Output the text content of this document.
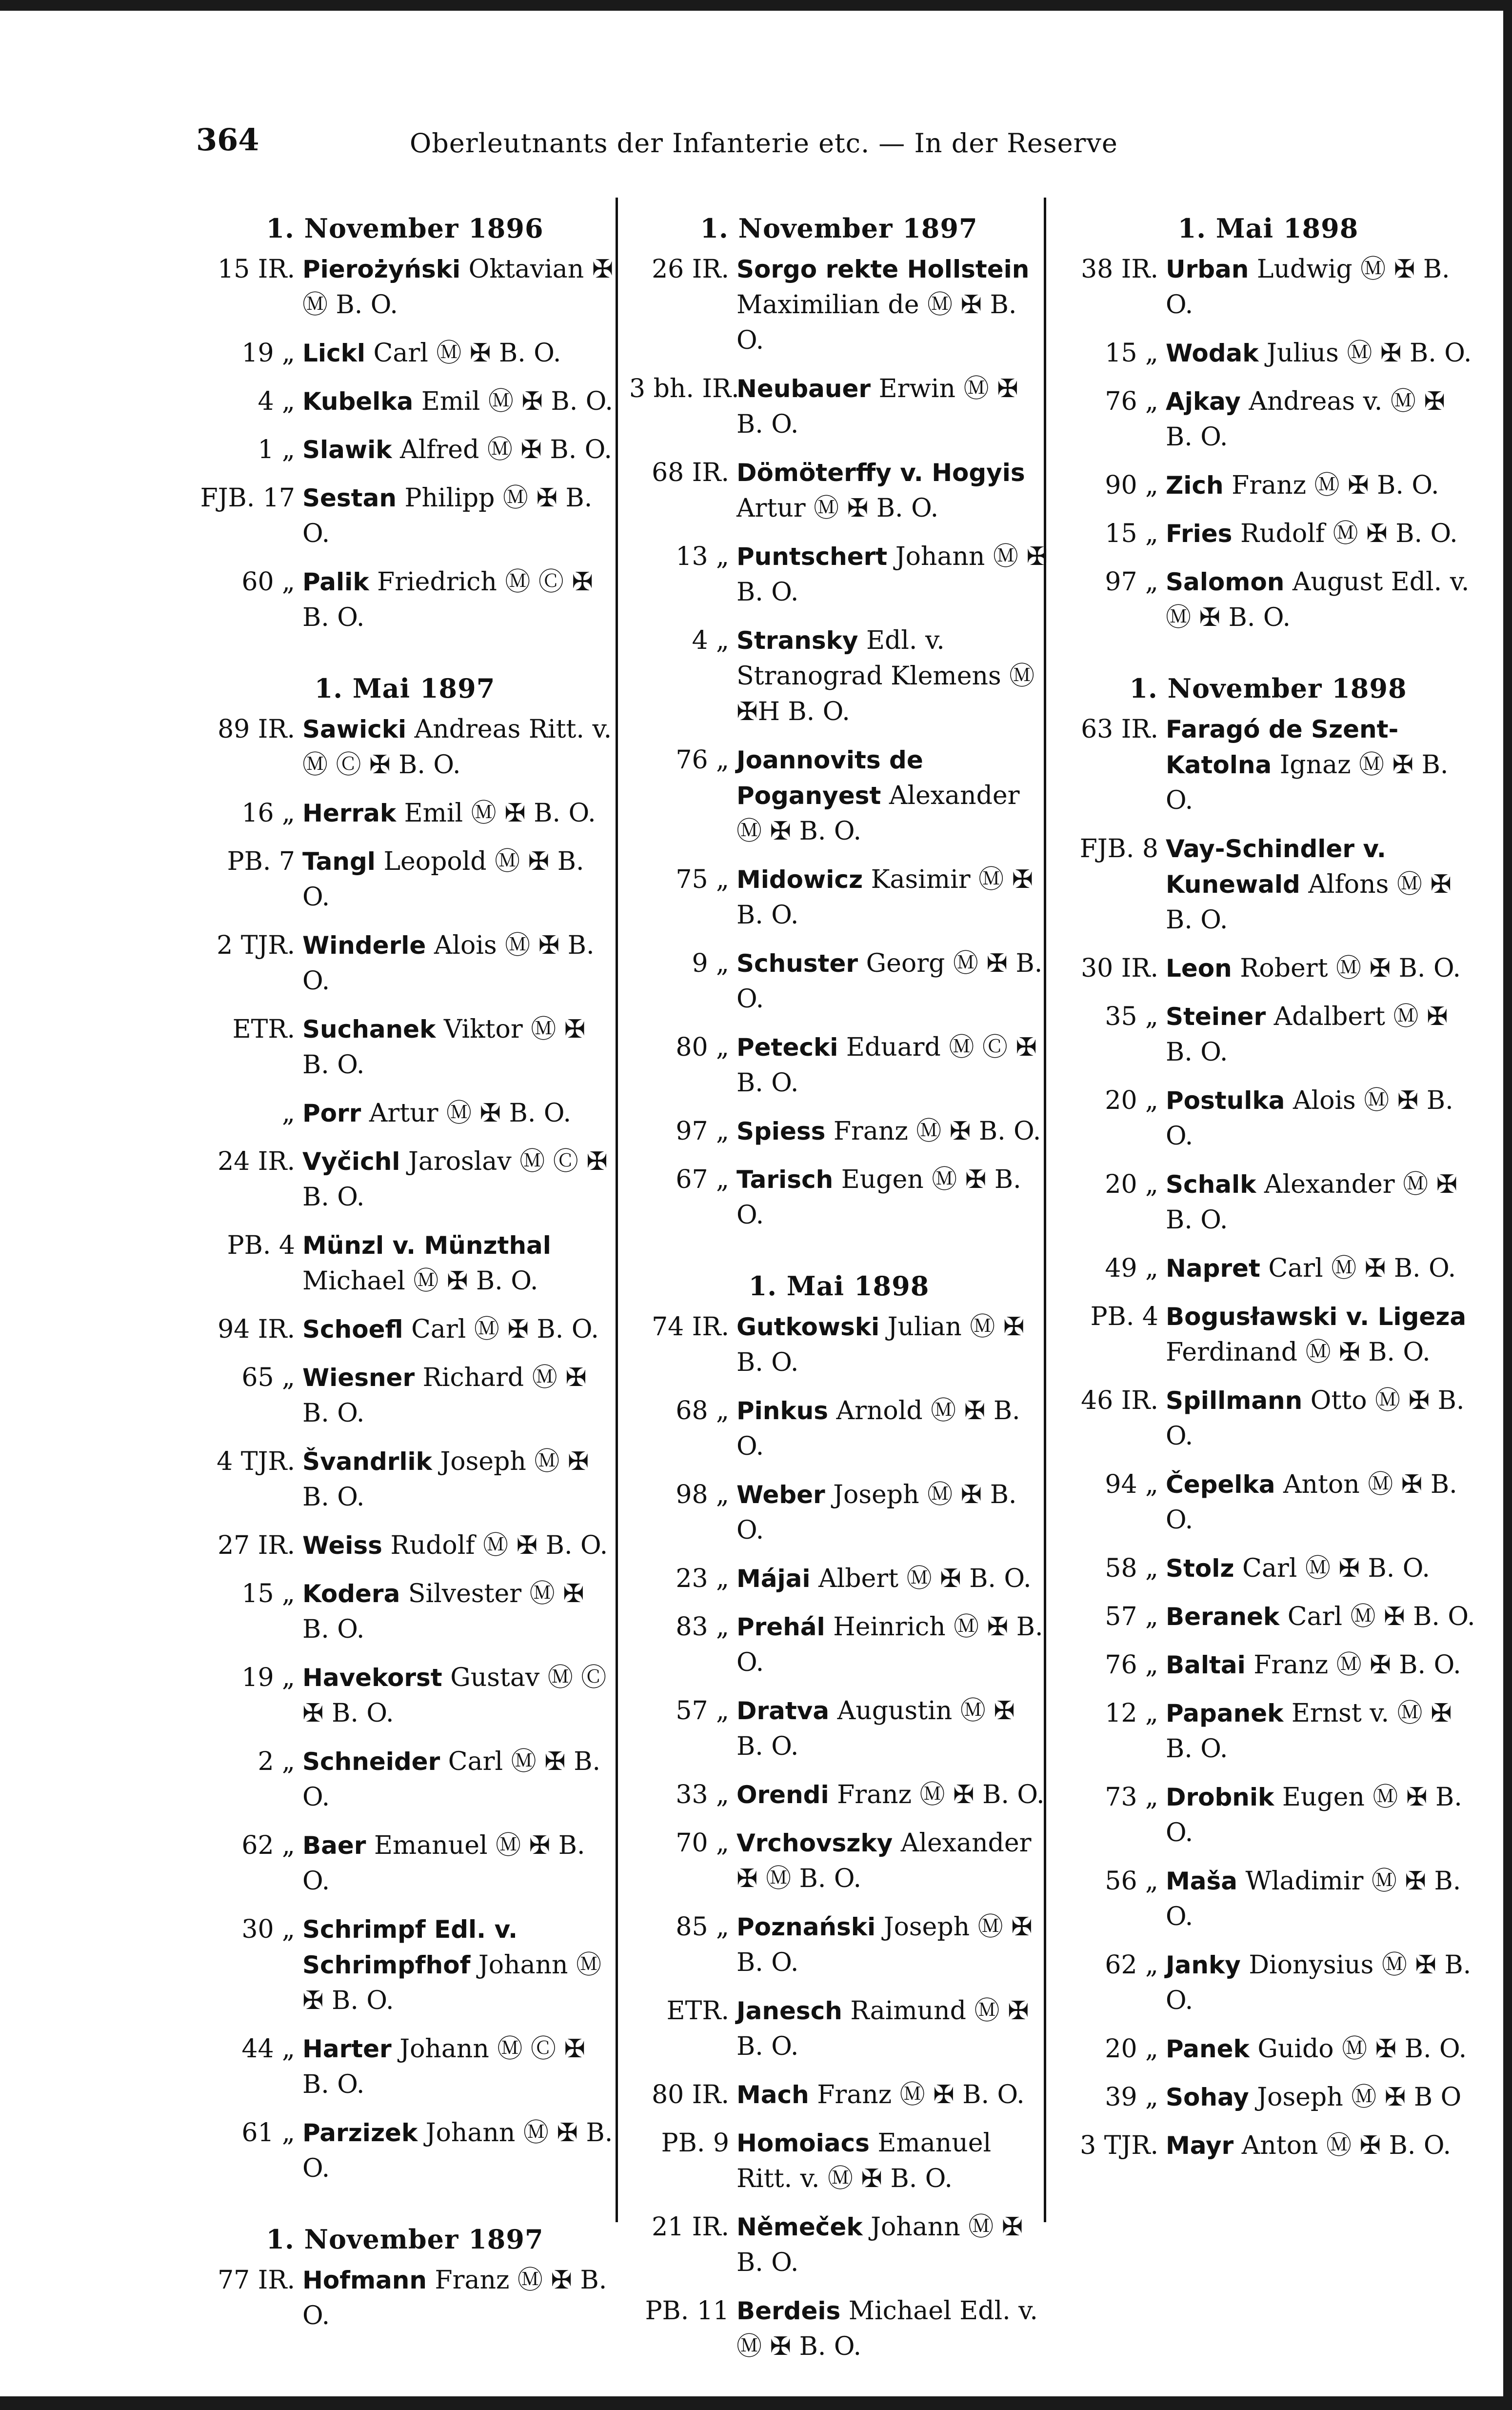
364	Oberleutnants der Infanterie etc. — In der Reserve
1. November 1896
15 IR. Pierożyński Oktavian ✠ Ⓜ B. O.
19 „ Lickl Carl Ⓜ ✠ B. O.
4 „ Kubelka Emil Ⓜ ✠ B. O.
1 „ Slawik Alfred Ⓜ ✠ B. O.
FJB. 17 Sestan Philipp Ⓜ ✠ B. O.
60 „ Palik Friedrich Ⓜ Ⓒ ✠ B. O.
1. Mai 1897
89 IR. Sawicki Andreas Ritt. v. Ⓜ Ⓒ ✠ B. O.
16 „ Herrak Emil Ⓜ ✠ B. O.
PB. 7 Tangl Leopold Ⓜ ✠ B. O.
2 TJR. Winderle Alois Ⓜ ✠ B. O.
ETR. Suchanek Viktor Ⓜ ✠ B. O.
„ Porr Artur Ⓜ ✠ B. O.
24 IR. Vyčichl Jaroslav Ⓜ Ⓒ ✠ B. O.
PB. 4 Münzl v. Münzthal Michael Ⓜ ✠ B. O.
94 IR. Schoefl Carl Ⓜ ✠ B. O.
65 „ Wiesner Richard Ⓜ ✠ B. O.
4 TJR. Švandrlik Joseph Ⓜ ✠ B. O.
27 IR. Weiss Rudolf Ⓜ ✠ B. O.
15 „ Kodera Silvester Ⓜ ✠ B. O.
19 „ Havekorst Gustav Ⓜ Ⓒ ✠ B. O.
2 „ Schneider Carl Ⓜ ✠ B. O.
62 „ Baer Emanuel Ⓜ ✠ B. O.
30 „ Schrimpf Edl. v. Schrimpfhof Johann Ⓜ ✠ B. O.
44 „ Harter Johann Ⓜ Ⓒ ✠ B. O.
61 „ Parzizek Johann Ⓜ ✠ B. O.
1. November 1897
77 IR. Hofmann Franz Ⓜ ✠ B. O.
1. November 1897
26 IR. Sorgo rekte Hollstein Maximilian de Ⓜ ✠ B. O.
3 bh. IR.
Neubauer Erwin Ⓜ ✠ B. O.
68 IR. Dömöterffy v. Hogyis Artur Ⓜ ✠ B. O.
13 „ Puntschert Johann Ⓜ ✠ B. O.
4 „ Stransky Edl. v. Stranograd Klemens Ⓜ ✠H B. O.
76 „ Joannovits de Poganyest Alexander Ⓜ ✠ B. O.
75 „ Midowicz Kasimir Ⓜ ✠ B. O.
9 „ Schuster Georg Ⓜ ✠ B. O.
80 „ Petecki Eduard Ⓜ Ⓒ ✠ B. O.
97 „ Spiess Franz Ⓜ ✠ B. O.
67 „ Tarisch Eugen Ⓜ ✠ B. O.
1. Mai 1898
74 IR. Gutkowski Julian Ⓜ ✠ B. O.
68 „ Pinkus Arnold Ⓜ ✠ B. O.
98 „ Weber Joseph Ⓜ ✠ B. O.
23 „ Májai Albert Ⓜ ✠ B. O.
83 „ Prehál Heinrich Ⓜ ✠ B. O.
57 „ Dratva Augustin Ⓜ ✠ B. O.
33 „ Orendi Franz Ⓜ ✠ B. O.
70 „ Vrchovszky Alexander ✠ Ⓜ B. O.
85 „ Poznański Joseph Ⓜ ✠ B. O.
ETR. Janesch Raimund Ⓜ ✠ B. O.
80 IR. Mach Franz Ⓜ ✠ B. O.
PB. 9 Homoiacs Emanuel Ritt. v. Ⓜ ✠ B. O.
21 IR. Němeček Johann Ⓜ ✠ B. O.
PB. 11 Berdeis Michael Edl. v. Ⓜ ✠ B. O.
1. Mai 1898
38 IR. Urban Ludwig Ⓜ ✠ B. O.
15 „ Wodak Julius Ⓜ ✠ B. O.
76 „ Ajkay Andreas v. Ⓜ ✠ B. O.
90 „ Zich Franz Ⓜ ✠ B. O.
15 „ Fries Rudolf Ⓜ ✠ B. O.
97 „ Salomon August Edl. v. Ⓜ ✠ B. O.
1. November 1898
63 IR. Faragó de Szent-Katolna Ignaz Ⓜ ✠ B. O.
FJB. 8 Vay-Schindler v. Kunewald Alfons Ⓜ ✠ B. O.
30 IR. Leon Robert Ⓜ ✠ B. O.
35 „ Steiner Adalbert Ⓜ ✠ B. O.
20 „ Postulka Alois Ⓜ ✠ B. O.
20 „ Schalk Alexander Ⓜ ✠ B. O.
49 „ Napret Carl Ⓜ ✠ B. O.
PB. 4 Bogusławski v. Ligeza Ferdinand Ⓜ ✠ B. O.
46 IR. Spillmann Otto Ⓜ ✠ B. O.
94 „ Čepelka Anton Ⓜ ✠ B. O.
58 „ Stolz Carl Ⓜ ✠ B. O.
57 „ Beranek Carl Ⓜ ✠ B. O.
76 „ Baltai Franz Ⓜ ✠ B. O.
12 „ Papanek Ernst v. Ⓜ ✠ B. O.
73 „ Drobnik Eugen Ⓜ ✠ B. O.
56 „ Maša Wladimir Ⓜ ✠ B. O.
62 „ Janky Dionysius Ⓜ ✠ B. O.
20 „ Panek Guido Ⓜ ✠ B. O.
39 „ Sohay Joseph Ⓜ ✠ B O
3 TJR. Mayr Anton Ⓜ ✠ B. O.
